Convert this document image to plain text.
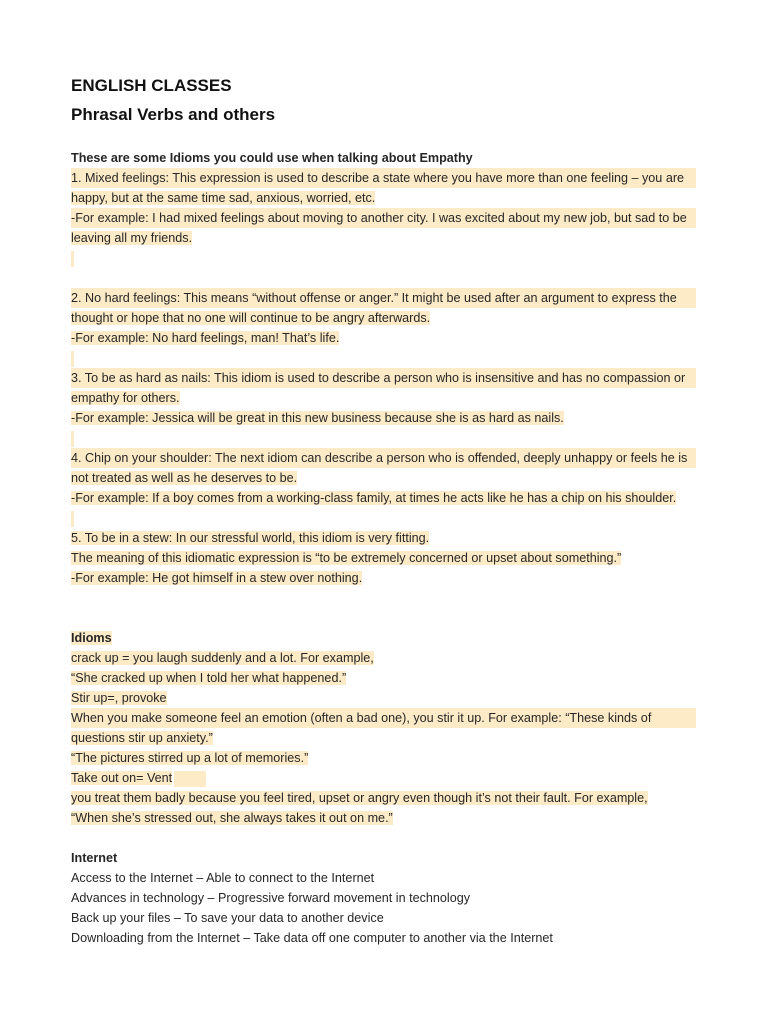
ENGLISH CLASSES
Phrasal Verbs and others
These are some Idioms you could use when talking about Empathy
1. Mixed feelings: This expression is used to describe a state where you have more than one feeling – you are
happy, but at the same time sad, anxious, worried, etc.
-For example: I had mixed feelings about moving to another city. I was excited about my new job, but sad to be
leaving all my friends.
2. No hard feelings: This means “without offense or anger.” It might be used after an argument to express the
thought or hope that no one will continue to be angry afterwards.
-For example: No hard feelings, man! That’s life.
3. To be as hard as nails: This idiom is used to describe a person who is insensitive and has no compassion or
empathy for others.
-For example: Jessica will be great in this new business because she is as hard as nails.
4. Chip on your shoulder: The next idiom can describe a person who is offended, deeply unhappy or feels he is
not treated as well as he deserves to be.
-For example: If a boy comes from a working-class family, at times he acts like he has a chip on his shoulder.
5. To be in a stew: In our stressful world, this idiom is very fitting.
The meaning of this idiomatic expression is “to be extremely concerned or upset about something.”
-For example: He got himself in a stew over nothing.
Idioms
crack up = you laugh suddenly and a lot. For example,
“She cracked up when I told her what happened.”
Stir up=, provoke
When you make someone feel an emotion (often a bad one), you stir it up. For example: “These kinds of
questions stir up anxiety.”
“The pictures stirred up a lot of memories.”
Take out on= Vent
you treat them badly because you feel tired, upset or angry even though it’s not their fault. For example,
“When she’s stressed out, she always takes it out on me.”
Internet
Access to the Internet – Able to connect to the Internet
Advances in technology – Progressive forward movement in technology
Back up your files – To save your data to another device
Downloading from the Internet – Take data off one computer to another via the Internet
